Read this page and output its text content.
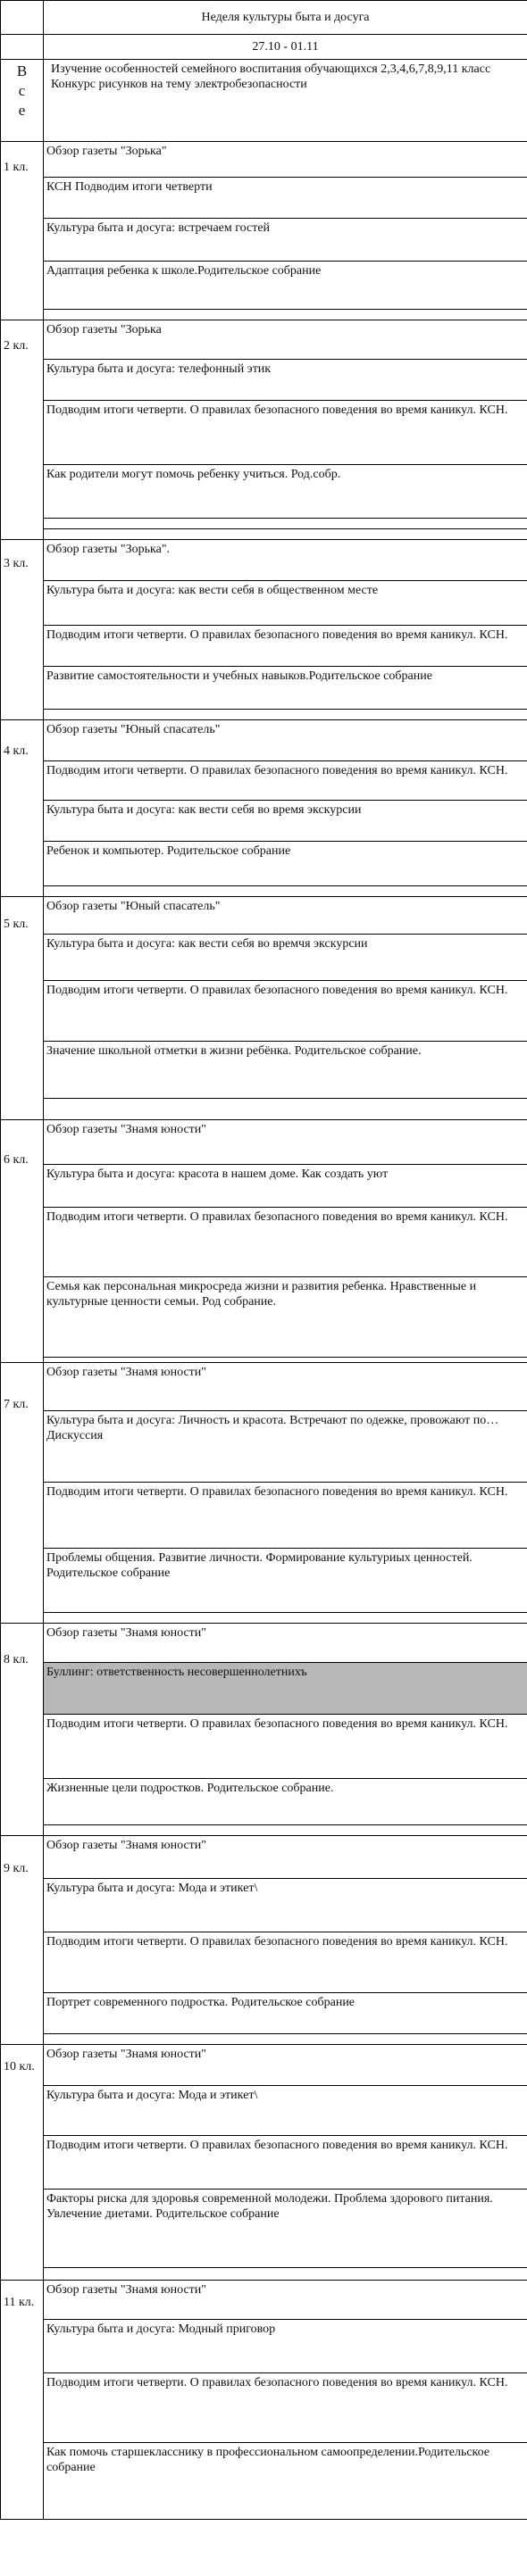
	Неделя культуры быта и досуга
	27.10 - 01.11

В
с
е	Изучение особенностей семейного воспитания обучающихся 2,3,4,6,7,8,9,11 класс Конкурс рисунков на тему электробезопасности

1 кл.	Обзор газеты "Зорька"
	КСН Подводим итоги четверти
	Культура быта и досуга: встречаем гостей
	Адаптация ребенка к школе.Родительское собрание

2 кл.	Обзор газеты "Зорька
	Культура быта и досуга: телефонный этик
	Подводим итоги четверти. О правилах безопасного поведения во время каникул. КСН.
	Как родители могут помочь ребенку учиться. Род.собр.

3 кл.	Обзор газеты "Зорька".
	Культура быта и досуга: как вести себя в общественном месте
	Подводим итоги четверти. О правилах безопасного поведения во время каникул. КСН.
	Развитие самостоятельности и учебных навыков.Родительское собрание

4 кл.	Обзор газеты "Юный спасатель"
	Подводим итоги четверти. О правилах безопасного поведения во время каникул. КСН.
	Культура быта и досуга: как вести себя во время экскурсии
	Ребенок и компьютер. Родительское собрание

5 кл.	Обзор газеты "Юный спасатель"
	Культура быта и досуга: как вести себя во времчя экскурсии
	Подводим итоги четверти. О правилах безопасного поведения во время каникул. КСН.
	Значение школьной отметки в жизни ребёнка. Родительское собрание.

6 кл.	Обзор газеты "Знамя юности"
	Культура быта и досуга: красота в нашем доме. Как создать уют
	Подводим итоги четверти. О правилах безопасного поведения во время каникул. КСН.
	Семья как персональная микросреда жизни и развития ребенка. Нравственные и культурные ценности семьи. Род собрание.

7 кл.	Обзор газеты "Знамя юности"
	Культура быта и досуга: Личность и красота. Встречают по одежке, провожают по… Дискуссия
	Подводим итоги четверти. О правилах безопасного поведения во время каникул. КСН.
	Проблемы общения. Развитие личности. Формирование культуриых ценностей. Родительское собрание

8 кл.	Обзор газеты "Знамя юности"
	Буллинг: ответственность несовершеннолетнихъ
	Подводим итоги четверти. О правилах безопасного поведения во время каникул. КСН.
	Жизненные цели подростков. Родительское собрание.

9 кл.	Обзор газеты "Знамя юности"
	Культура быта и досуга: Мода и этикет\
	Подводим итоги четверти. О правилах безопасного поведения во время каникул. КСН.
	Портрет современного подростка. Родительское собрание

10 кл.	Обзор газеты "Знамя юности"
	Культура быта и досуга: Мода и этикет\
	Подводим итоги четверти. О правилах безопасного поведения во время каникул. КСН.
	Факторы риска для здоровья современной молодежи. Проблема здорового питания. Увлечение диетами. Родительское собрание

11 кл.	Обзор газеты "Знамя юности"
	Культура быта и досуга: Модный приговор
	Подводим итоги четверти. О правилах безопасного поведения во время каникул. КСН.
	Как помочь старшекласснику в профессиональном самоопределении.Родительское собрание
